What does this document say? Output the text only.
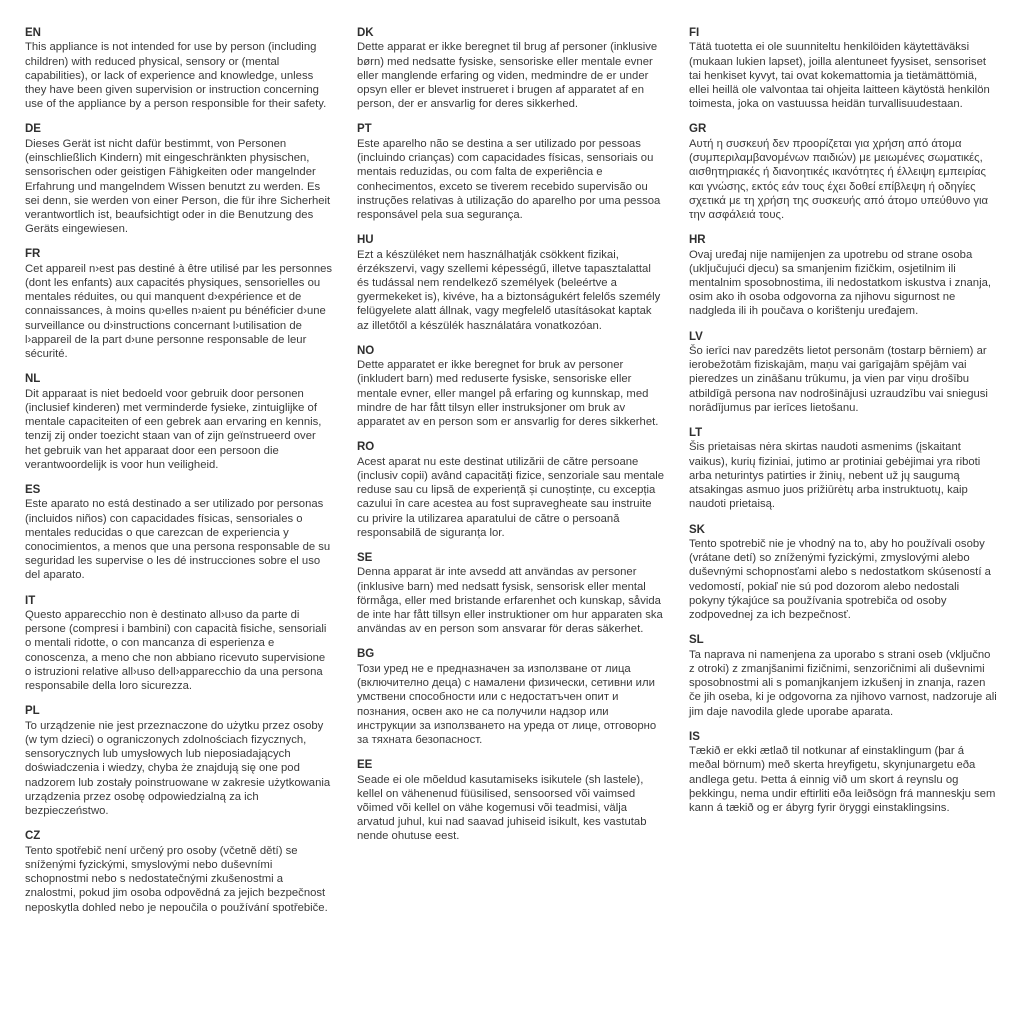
EN

This appliance is not intended for use by person (including children) with reduced physical, sensory or (mental capabilities), or lack of experience and knowledge, unless they have been given supervision or instruction concerning use of the appliance by a person responsible for their safety.

DE

Dieses Gerät ist nicht dafür bestimmt, von Personen (einschließlich Kindern) mit eingeschränkten physischen, sensorischen oder geistigen Fähigkeiten oder mangelnder Erfahrung und mangelndem Wissen benutzt zu werden. Es sei denn, sie werden von einer Person, die für ihre Sicherheit verantwortlich ist, beaufsichtigt oder in die Benutzung des Geräts eingewiesen.

FR

Cet appareil n›est pas destiné à être utilisé par les personnes (dont les enfants) aux capacités physiques, sensorielles ou mentales réduites, ou qui manquent d›expérience et de connaissances, à moins qu›elles n›aient pu bénéficier d›une surveillance ou d›instructions concernant l›utilisation de l›appareil de la part d›une personne responsable de leur sécurité.

NL

Dit apparaat is niet bedoeld voor gebruik door personen (inclusief kinderen) met verminderde fysieke, zintuiglijke of mentale capaciteiten of een gebrek aan ervaring en kennis, tenzij zij onder toezicht staan van of zijn geïnstrueerd over het gebruik van het apparaat door een persoon die verantwoordelijk is voor hun veiligheid.

ES

Este aparato no está destinado a ser utilizado por personas (incluidos niños) con capacidades físicas, sensoriales o mentales reducidas o que carezcan de experiencia y conocimientos, a menos que una persona responsable de su seguridad les supervise o les dé instrucciones sobre el uso del aparato.

IT

Questo apparecchio non è destinato all›uso da parte di persone (compresi i bambini) con capacità fisiche, sensoriali o mentali ridotte, o con mancanza di esperienza e conoscenza, a meno che non abbiano ricevuto supervisione o istruzioni relative all›uso dell›apparecchio da una persona responsabile della loro sicurezza.

PL

To urządzenie nie jest przeznaczone do użytku przez osoby (w tym dzieci) o ograniczonych zdolnościach fizycznych, sensorycznych lub umysłowych lub nieposiadających doświadczenia i wiedzy, chyba że znajdują się one pod nadzorem lub zostały poinstruowane w zakresie użytkowania urządzenia przez osobę odpowiedzialną za ich bezpieczeństwo.

CZ

Tento spotřebič není určený pro osoby (včetně dětí) se sníženými fyzickými, smyslovými nebo duševními schopnostmi nebo s nedostatečnými zkušenostmi a znalostmi, pokud jim osoba odpovědná za jejich bezpečnost neposkytla dohled nebo je nepoučila o používání spotřebiče.

DK

Dette apparat er ikke beregnet til brug af personer (inklusive børn) med nedsatte fysiske, sensoriske eller mentale evner eller manglende erfaring og viden, medmindre de er under opsyn eller er blevet instrueret i brugen af apparatet af en person, der er ansvarlig for deres sikkerhed.

PT

Este aparelho não se destina a ser utilizado por pessoas (incluindo crianças) com capacidades físicas, sensoriais ou mentais reduzidas, ou com falta de experiência e conhecimentos, exceto se tiverem recebido supervisão ou instruções relativas à utilização do aparelho por uma pessoa responsável pela sua segurança.

HU

Ezt a készüléket nem használhatják csökkent fizikai, érzékszervi, vagy szellemi képességű, illetve tapasztalattal és tudással nem rendelkező személyek (beleértve a gyermekeket is), kivéve, ha a biztonságukért felelős személy felügyelete alatt állnak, vagy megfelelő utasításokat kaptak az illetőtől a készülék használatára vonatkozóan.

NO

Dette apparatet er ikke beregnet for bruk av personer (inkludert barn) med reduserte fysiske, sensoriske eller mentale evner, eller mangel på erfaring og kunnskap, med mindre de har fått tilsyn eller instruksjoner om bruk av apparatet av en person som er ansvarlig for deres sikkerhet.

RO

Acest aparat nu este destinat utilizării de către persoane (inclusiv copii) având capacități fizice, senzoriale sau mentale reduse sau cu lipsă de experiență și cunoștințe, cu excepția cazului în care acestea au fost supravegheate sau instruite cu privire la utilizarea aparatului de către o persoană responsabilă de siguranța lor.

SE

Denna apparat är inte avsedd att användas av personer (inklusive barn) med nedsatt fysisk, sensorisk eller mental förmåga, eller med bristande erfarenhet och kunskap, såvida de inte har fått tillsyn eller instruktioner om hur apparaten ska användas av en person som ansvarar för deras säkerhet.

BG

Този уред не е предназначен за използване от лица (включително деца) с намалени физически, сетивни или умствени способности или с недостатъчен опит и познания, освен ако не са получили надзор или инструкции за използването на уреда от лице, отговорно за тяхната безопасност.

EE

Seade ei ole mõeldud kasutamiseks isikutele (sh lastele), kellel on vähenenud füüsilised, sensoorsed või vaimsed võimed või kellel on vähe kogemusi või teadmisi, välja arvatud juhul, kui nad saavad juhiseid isikult, kes vastutab nende ohutuse eest.

FI

Tätä tuotetta ei ole suunniteltu henkilöiden käytettäväksi (mukaan lukien lapset), joilla alentuneet fyysiset, sensoriset tai henkiset kyvyt, tai ovat kokemattomia ja tietämättömiä, ellei heillä ole valvontaa tai ohjeita laitteen käytöstä henkilön toimesta, joka on vastuussa heidän turvallisuudestaan.

GR

Αυτή η συσκευή δεν προορίζεται για χρήση από άτομα (συμπεριλαμβανομένων παιδιών) με μειωμένες σωματικές, αισθητηριακές ή διανοητικές ικανότητες ή έλλειψη εμπειρίας και γνώσης, εκτός εάν τους έχει δοθεί επίβλεψη ή οδηγίες σχετικά με τη χρήση της συσκευής από άτομο υπεύθυνο για την ασφάλειά τους.

HR

Ovaj uređaj nije namijenjen za upotrebu od strane osoba (uključujući djecu) sa smanjenim fizičkim, osjetilnim ili mentalnim sposobnostima, ili nedostatkom iskustva i znanja, osim ako ih osoba odgovorna za njihovu sigurnost ne nadgleda ili ih poučava o korištenju uređajem.

LV

Šo ierīci nav paredzēts lietot personām (tostarp bērniem) ar ierobežotām fiziskajām, maņu vai garīgajām spējām vai pieredzes un zināšanu trūkumu, ja vien par viņu drošību atbildīgā persona nav nodrošinājusi uzraudzību vai sniegusi norādījumus par ierīces lietošanu.

LT

Šis prietaisas nėra skirtas naudoti asmenims (įskaitant vaikus), kurių fiziniai, jutimo ar protiniai gebėjimai yra riboti arba neturintys patirties ir žinių, nebent už jų saugumą atsakingas asmuo juos prižiūrėtų arba instruktuotų, kaip naudoti prietaisą.

SK

Tento spotrebič nie je vhodný na to, aby ho používali osoby (vrátane detí) so zníženými fyzickými, zmyslovými alebo duševnými schopnosťami alebo s nedostatkom skúseností a vedomostí, pokiaľ nie sú pod dozorom alebo nedostali pokyny týkajúce sa používania spotrebiča od osoby zodpovednej za ich bezpečnosť.

SL

Ta naprava ni namenjena za uporabo s strani oseb (vključno z otroki) z zmanjšanimi fizičnimi, senzoričnimi ali duševnimi sposobnostmi ali s pomanjkanjem izkušenj in znanja, razen če jih oseba, ki je odgovorna za njihovo varnost, nadzoruje ali jim daje navodila glede uporabe aparata.

IS

Tækið er ekki ætlað til notkunar af einstaklingum (þar á meðal börnum) með skerta hreyfigetu, skynjunargetu eða andlega getu. Þetta á einnig við um skort á reynslu og þekkingu, nema undir eftirliti eða leiðsögn frá manneskju sem kann á tækið og er ábyrg fyrir öryggi einstaklingsins.
